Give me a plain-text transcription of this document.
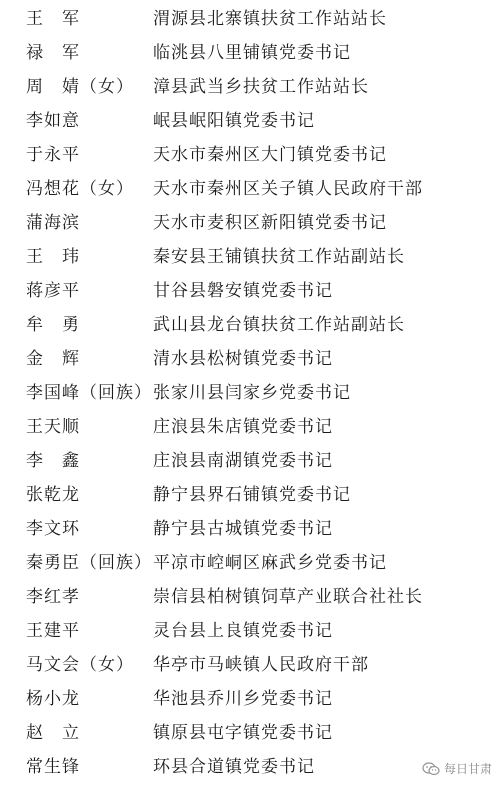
王　军	渭源县北寨镇扶贫工作站站长
禄　军	临洮县八里铺镇党委书记
周　婧（女） 漳县武当乡扶贫工作站站长
李如意	岷县岷阳镇党委书记
于永平	天水市秦州区大门镇党委书记
冯想花（女） 天水市秦州区关子镇人民政府干部
蒲海滨	天水市麦积区新阳镇党委书记
王　玮	秦安县王铺镇扶贫工作站副站长
蒋彦平	甘谷县磐安镇党委书记
牟　勇	武山县龙台镇扶贫工作站副站长
金　辉	清水县松树镇党委书记
李国峰（回族） 张家川县闫家乡党委书记
王天顺	庄浪县朱店镇党委书记
李　鑫	庄浪县南湖镇党委书记
张乾龙	静宁县界石铺镇党委书记
李文环	静宁县古城镇党委书记
秦勇臣（回族） 平凉市崆峒区麻武乡党委书记
李红孝	崇信县柏树镇饲草产业联合社社长
王建平	灵台县上良镇党委书记
马文会（女） 华亭市马峡镇人民政府干部
杨小龙	华池县乔川乡党委书记
赵　立	镇原县屯字镇党委书记
常生锋	环县合道镇党委书记	每日甘肃
